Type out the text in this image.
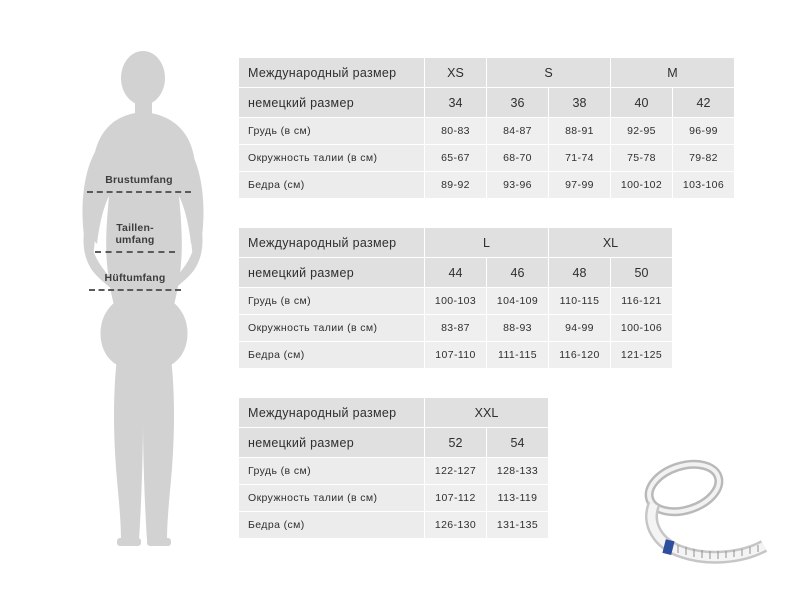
Brustumfang
Taillen-
umfang
Hüftumfang
Международный размер	XS	S		M	
немецкий размер	34	36	38	40	42
Грудь (в см)	80-83	84-87	88-91	92-95	96-99
Окружность талии (в см)	65-67	68-70	71-74	75-78	79-82
Бедра (см)	89-92	93-96	97-99	100-102	103-106
Международный размер	L		XL	
немецкий размер	44	46	48	50
Грудь (в см)	100-103	104-109	110-115	116-121
Окружность талии (в см)	83-87	88-93	94-99	100-106
Бедра (см)	107-110	111-115	116-120	121-125
Международный размер	XXL	
немецкий размер	52	54
Грудь (в см)	122-127	128-133
Окружность талии (в см)	107-112	113-119
Бедра (см)	126-130	131-135
